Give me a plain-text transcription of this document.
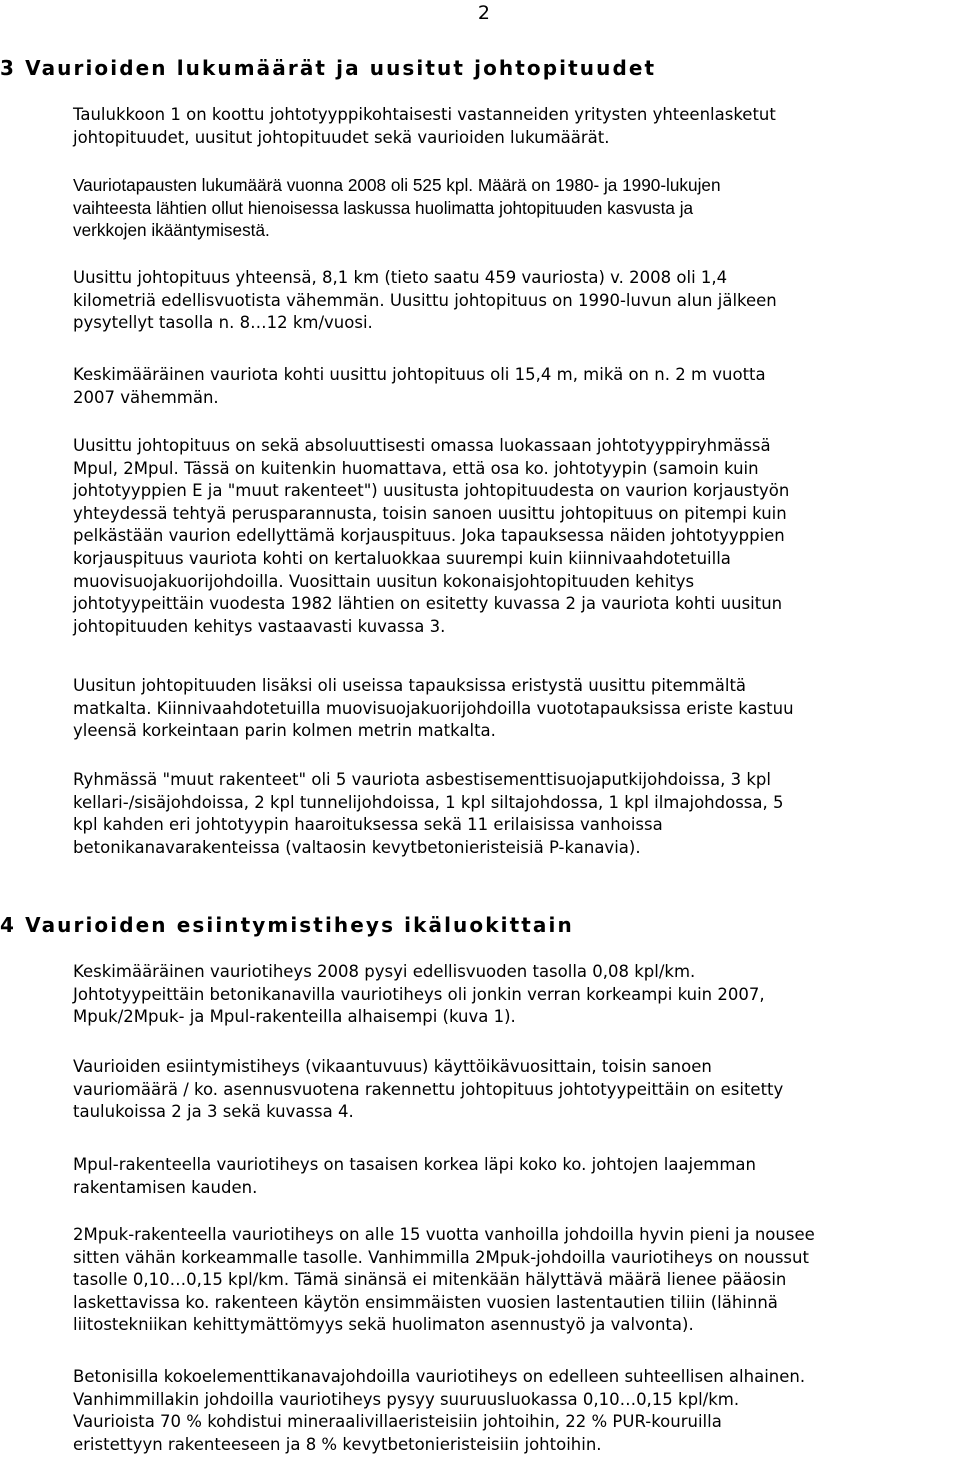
2
3 Vaurioiden lukumäärät ja uusitut johtopituudet

Taulukkoon 1 on koottu johtotyyppikohtaisesti vastanneiden yritysten yhteenlasketut
johtopituudet, uusitut johtopituudet sekä vaurioiden lukumäärät.

Vauriotapausten lukumäärä vuonna 2008 oli 525 kpl. Määrä on 1980- ja 1990-lukujen
vaihteesta lähtien ollut hienoisessa laskussa huolimatta johtopituuden kasvusta ja
verkkojen ikääntymisestä.

Uusittu johtopituus yhteensä, 8,1 km (tieto saatu 459 vauriosta) v. 2008 oli 1,4
kilometriä edellisvuotista vähemmän. Uusittu johtopituus on 1990-luvun alun jälkeen
pysytellyt tasolla n. 8…12 km/vuosi.

Keskimääräinen vauriota kohti uusittu johtopituus oli 15,4 m, mikä on n. 2 m vuotta
2007 vähemmän.

Uusittu johtopituus on sekä absoluuttisesti omassa luokassaan johtotyyppiryhmässä
Mpul, 2Mpul. Tässä on kuitenkin huomattava, että osa ko. johtotyypin (samoin kuin
johtotyyppien E ja "muut rakenteet") uusitusta johtopituudesta on vaurion korjaustyön
yhteydessä tehtyä perusparannusta, toisin sanoen uusittu johtopituus on pitempi kuin
pelkästään vaurion edellyttämä korjauspituus. Joka tapauksessa näiden johtotyyppien
korjauspituus vauriota kohti on kertaluokkaa suurempi kuin kiinnivaahdotetuilla
muovisuojakuorijohdoilla. Vuosittain uusitun kokonaisjohtopituuden kehitys
johtotyypeittäin vuodesta 1982 lähtien on esitetty kuvassa 2 ja vauriota kohti uusitun
johtopituuden kehitys vastaavasti kuvassa 3.

Uusitun johtopituuden lisäksi oli useissa tapauksissa eristystä uusittu pitemmältä
matkalta. Kiinnivaahdotetuilla muovisuojakuorijohdoilla vuototapauksissa eriste kastuu
yleensä korkeintaan parin kolmen metrin matkalta.

Ryhmässä "muut rakenteet" oli 5 vauriota asbestisementtisuojaputkijohdoissa, 3 kpl
kellari-/sisäjohdoissa, 2 kpl tunnelijohdoissa, 1 kpl siltajohdossa, 1 kpl ilmajohdossa, 5
kpl kahden eri johtotyypin haaroituksessa sekä 11 erilaisissa vanhoissa
betonikanavarakenteissa (valtaosin kevytbetonieristeisiä P-kanavia).

4 Vaurioiden esiintymistiheys ikäluokittain

Keskimääräinen vauriotiheys 2008 pysyi edellisvuoden tasolla 0,08 kpl/km.
Johtotyypeittäin betonikanavilla vauriotiheys oli jonkin verran korkeampi kuin 2007,
Mpuk/2Mpuk- ja Mpul-rakenteilla alhaisempi (kuva 1).

Vaurioiden esiintymistiheys (vikaantuvuus) käyttöikävuosittain, toisin sanoen
vauriomäärä / ko. asennusvuotena rakennettu johtopituus johtotyypeittäin on esitetty
taulukoissa 2 ja 3 sekä kuvassa 4.

Mpul-rakenteella vauriotiheys on tasaisen korkea läpi koko ko. johtojen laajemman
rakentamisen kauden.

2Mpuk-rakenteella vauriotiheys on alle 15 vuotta vanhoilla johdoilla hyvin pieni ja nousee
sitten vähän korkeammalle tasolle. Vanhimmilla 2Mpuk-johdoilla vauriotiheys on noussut
tasolle 0,10…0,15 kpl/km. Tämä sinänsä ei mitenkään hälyttävä määrä lienee pääosin
laskettavissa ko. rakenteen käytön ensimmäisten vuosien lastentautien tiliin (lähinnä
liitostekniikan kehittymättömyys sekä huolimaton asennustyö ja valvonta).

Betonisilla kokoelementtikanavajohdoilla vauriotiheys on edelleen suhteellisen alhainen.
Vanhimmillakin johdoilla vauriotiheys pysyy suuruusluokassa 0,10…0,15 kpl/km.
Vaurioista 70 % kohdistui mineraalivillaeristeisiin johtoihin, 22 % PUR-kouruilla
eristettyyn rakenteeseen ja 8 % kevytbetonieristeisiin johtoihin.
